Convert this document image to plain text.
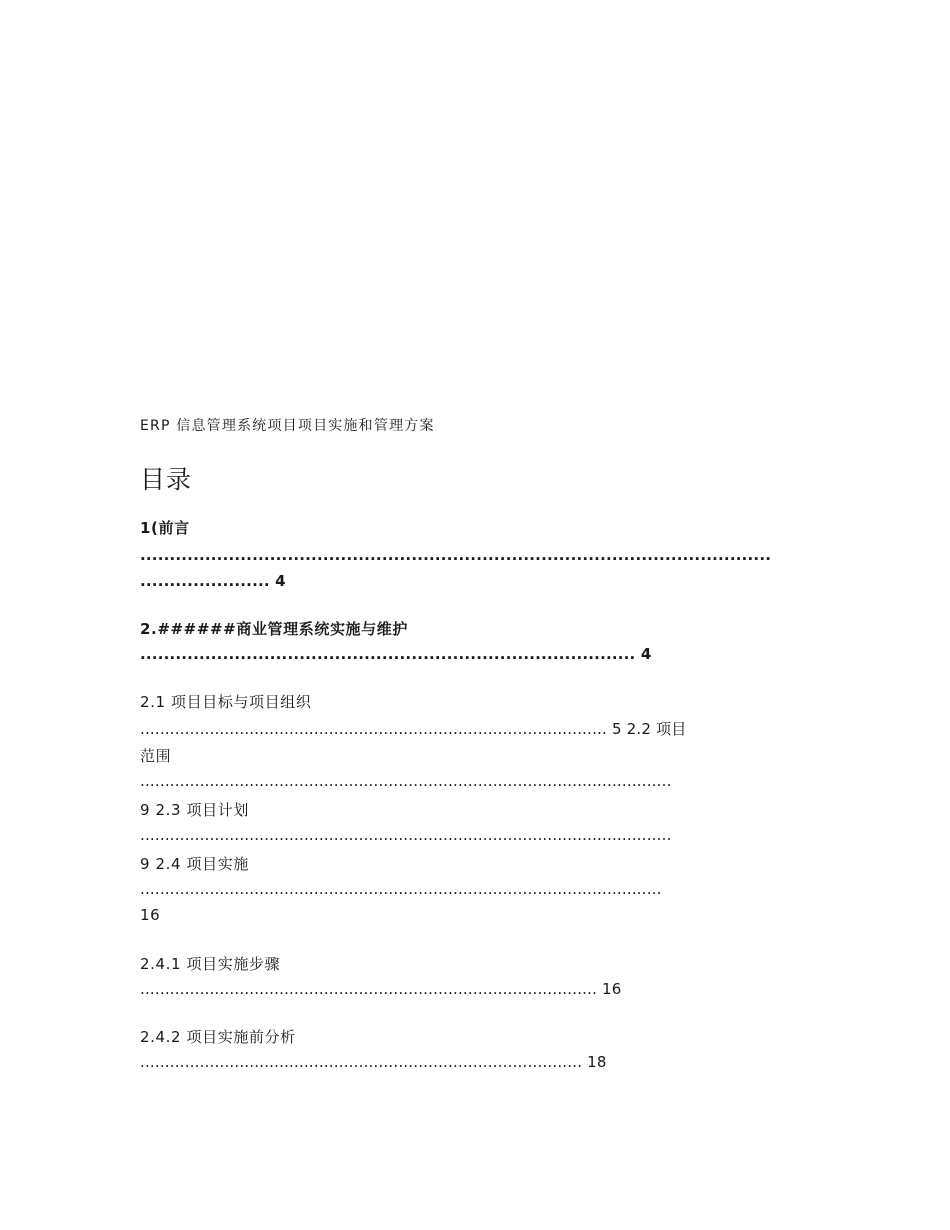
ERP 信息管理系统项目项目实施和管理方案
目录
1(前言
...........................................................................................................
...................... 4
2.######商业管理系统实施与维护
.................................................................................... 4
2.1 项目目标与项目组织
.............................................................................................. 5 2.2 项目
范围
...........................................................................................................
9 2.3 项目计划
...........................................................................................................
9 2.4 项目实施
.........................................................................................................
16
2.4.1 项目实施步骤
............................................................................................ 16
2.4.2 项目实施前分析
......................................................................................... 18
